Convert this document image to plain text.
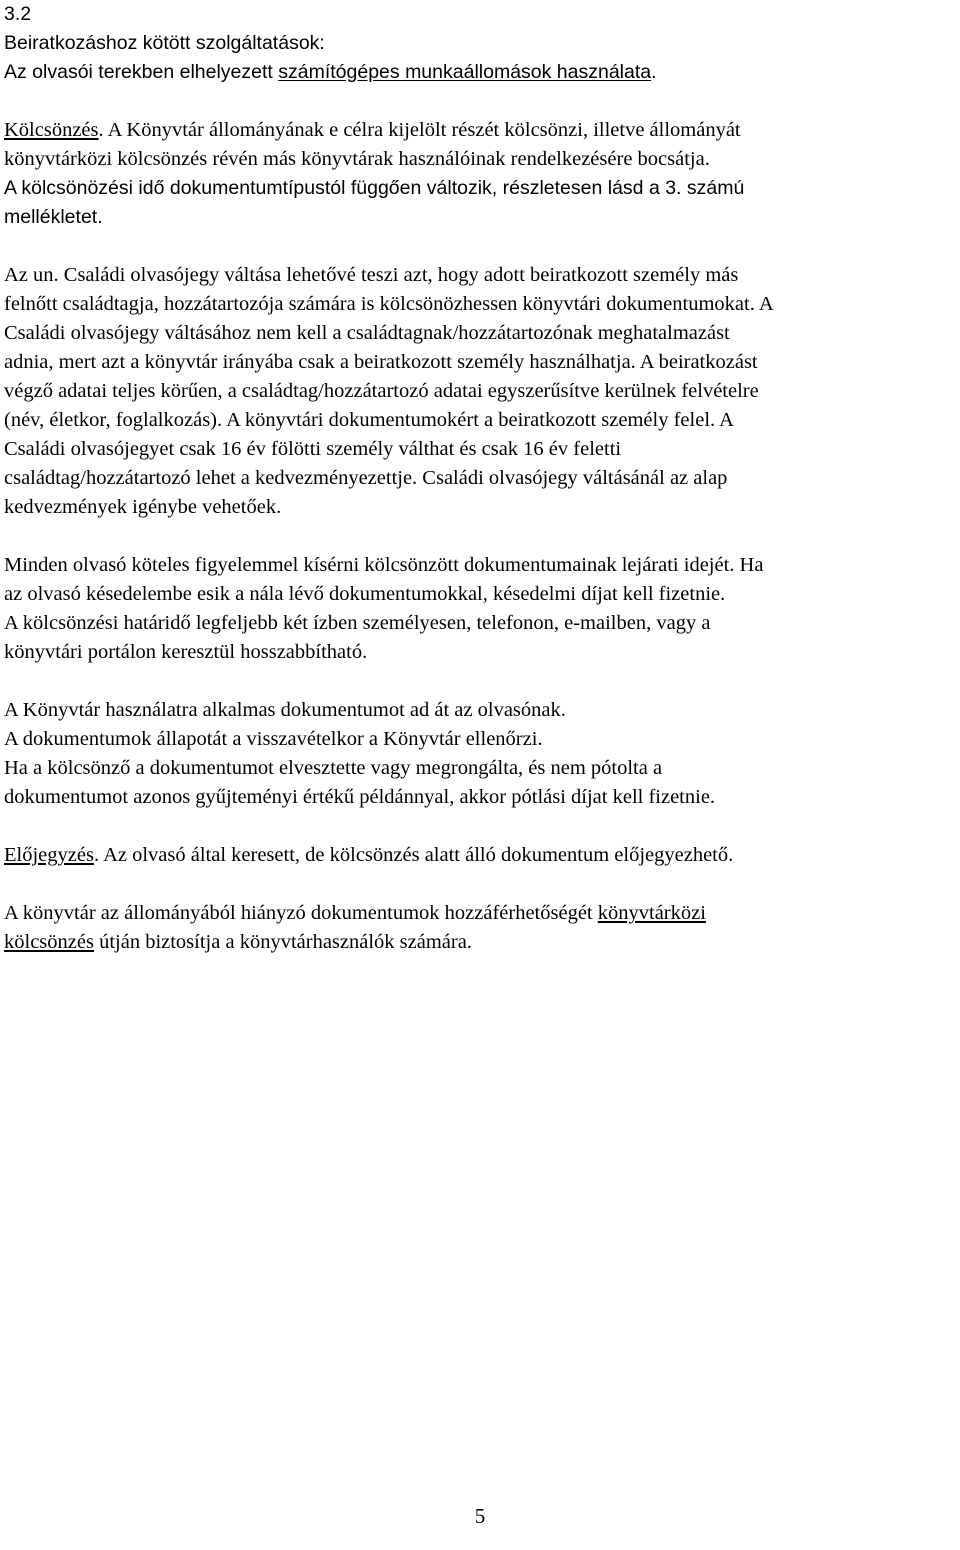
3.2
Beiratkozáshoz kötött szolgáltatások:
Az olvasói terekben elhelyezett számítógépes munkaállomások használata.
Kölcsönzés. A Könyvtár állományának e célra kijelölt részét kölcsönzi, illetve állományát
könyvtárközi kölcsönzés révén más könyvtárak használóinak rendelkezésére bocsátja.
A kölcsönözési idő dokumentumtípustól függően változik, részletesen lásd a 3. számú
mellékletet.
Az un. Családi olvasójegy váltása lehetővé teszi azt, hogy adott beiratkozott személy más
felnőtt családtagja, hozzátartozója számára is kölcsönözhessen könyvtári dokumentumokat. A
Családi olvasójegy váltásához nem kell a családtagnak/hozzátartozónak meghatalmazást
adnia, mert azt a könyvtár irányába csak a beiratkozott személy használhatja. A beiratkozást
végző adatai teljes körűen, a családtag/hozzátartozó adatai egyszerűsítve kerülnek felvételre
(név, életkor, foglalkozás). A könyvtári dokumentumokért a beiratkozott személy felel. A
Családi olvasójegyet csak 16 év fölötti személy válthat és csak 16 év feletti
családtag/hozzátartozó lehet a kedvezményezettje. Családi olvasójegy váltásánál az alap
kedvezmények igénybe vehetőek.
Minden olvasó köteles figyelemmel kísérni kölcsönzött dokumentumainak lejárati idejét. Ha
az olvasó késedelembe esik a nála lévő dokumentumokkal, késedelmi díjat kell fizetnie.
A kölcsönzési határidő legfeljebb két ízben személyesen, telefonon, e-mailben, vagy a
könyvtári portálon keresztül hosszabbítható.
A Könyvtár használatra alkalmas dokumentumot ad át az olvasónak.
A dokumentumok állapotát a visszavételkor a Könyvtár ellenőrzi.
Ha a kölcsönző a dokumentumot elvesztette vagy megrongálta, és nem pótolta a
dokumentumot azonos gyűjteményi értékű példánnyal, akkor pótlási díjat kell fizetnie.
Előjegyzés. Az olvasó által keresett, de kölcsönzés alatt álló dokumentum előjegyezhető.
A könyvtár az állományából hiányzó dokumentumok hozzáférhetőségét könyvtárközi
kölcsönzés útján biztosítja a könyvtárhasználók számára.
5
